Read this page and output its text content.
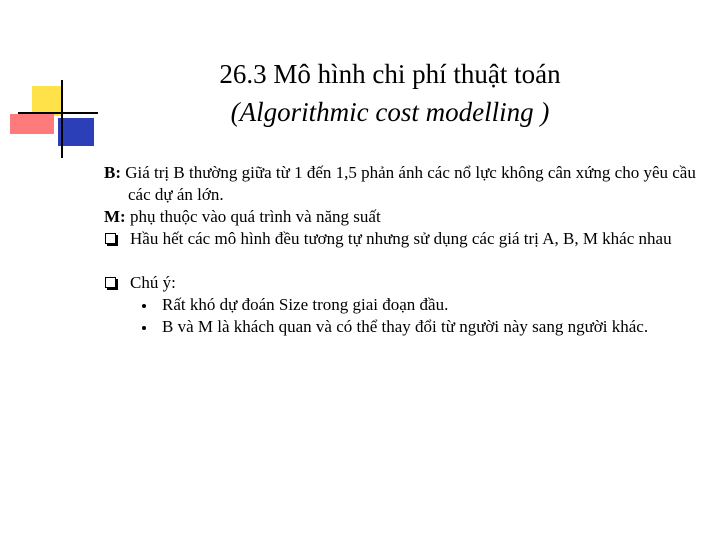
26.3 Mô hình chi phí thuật toán
(Algorithmic cost modelling )
B: Giá trị B thường giữa từ 1 đến 1,5 phản ánh các nổ lực không cân xứng cho yêu cầu các dự án lớn.
M: phụ thuộc vào quá trình và năng suất
Hầu hết các mô hình đều tương tự nhưng sử dụng các giá trị A, B, M khác nhau
Chú ý:
Rất khó dự đoán Size trong giai đoạn đầu.
B và M là khách quan và có thể thay đổi từ người này sang người khác.
